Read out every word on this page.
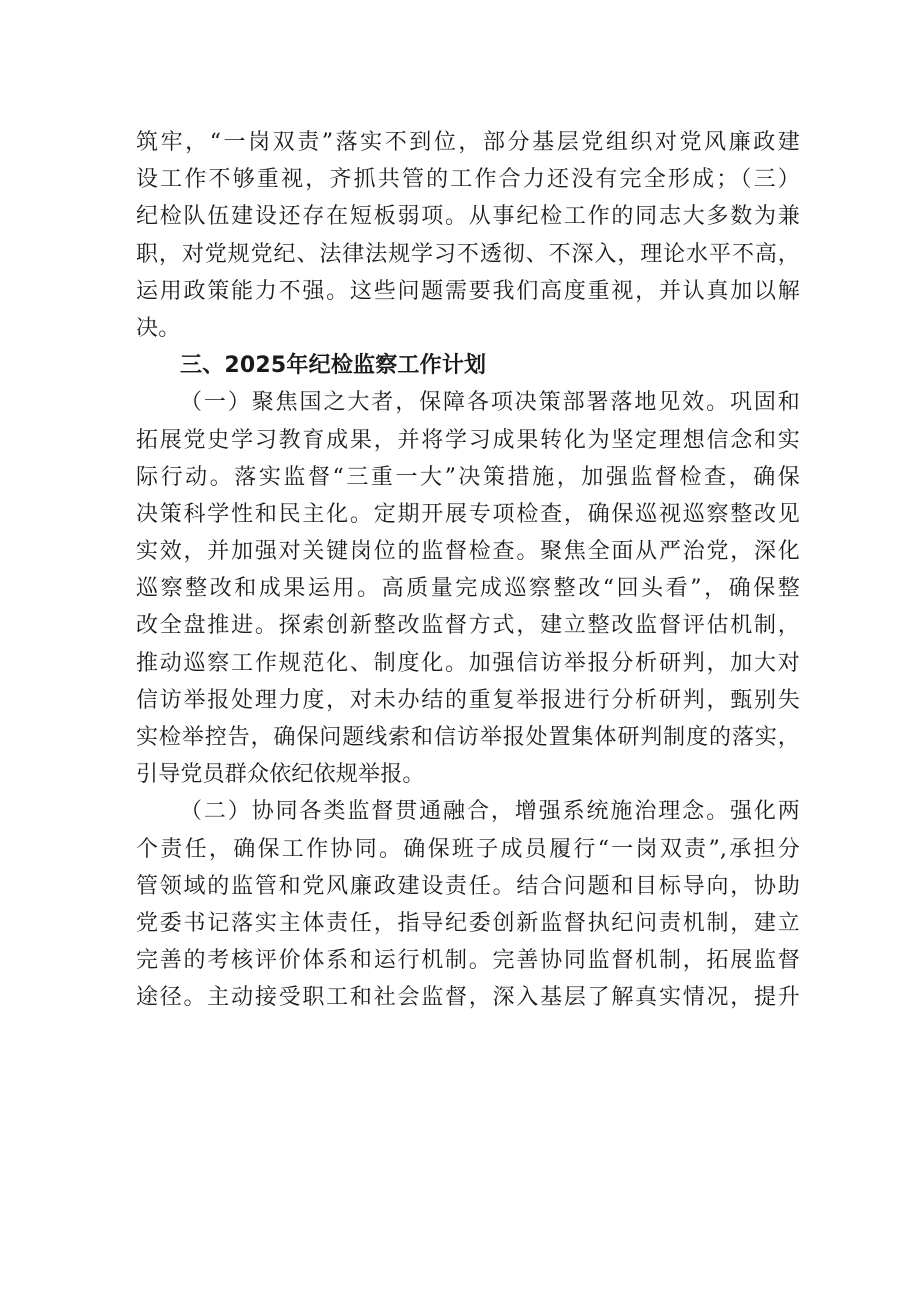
筑牢，“一岗双责”落实不到位，部分基层党组织对党风廉政建
设工作不够重视，齐抓共管的工作合力还没有完全形成；（三）
纪检队伍建设还存在短板弱项。从事纪检工作的同志大多数为兼
职，对党规党纪、法律法规学习不透彻、不深入，理论水平不高，
运用政策能力不强。这些问题需要我们高度重视，并认真加以解
决。
三、2025年纪检监察工作计划
（一）聚焦国之大者，保障各项决策部署落地见效。巩固和
拓展党史学习教育成果，并将学习成果转化为坚定理想信念和实
际行动。落实监督“三重一大”决策措施，加强监督检查，确保
决策科学性和民主化。定期开展专项检查，确保巡视巡察整改见
实效，并加强对关键岗位的监督检查。聚焦全面从严治党，深化
巡察整改和成果运用。高质量完成巡察整改“回头看”，确保整
改全盘推进。探索创新整改监督方式，建立整改监督评估机制，
推动巡察工作规范化、制度化。加强信访举报分析研判，加大对
信访举报处理力度，对未办结的重复举报进行分析研判，甄别失
实检举控告，确保问题线索和信访举报处置集体研判制度的落实，
引导党员群众依纪依规举报。
（二）协同各类监督贯通融合，增强系统施治理念。强化两
个责任，确保工作协同。确保班子成员履行“一岗双责”,承担分
管领域的监管和党风廉政建设责任。结合问题和目标导向，协助
党委书记落实主体责任，指导纪委创新监督执纪问责机制，建立
完善的考核评价体系和运行机制。完善协同监督机制，拓展监督
途径。主动接受职工和社会监督，深入基层了解真实情况，提升
